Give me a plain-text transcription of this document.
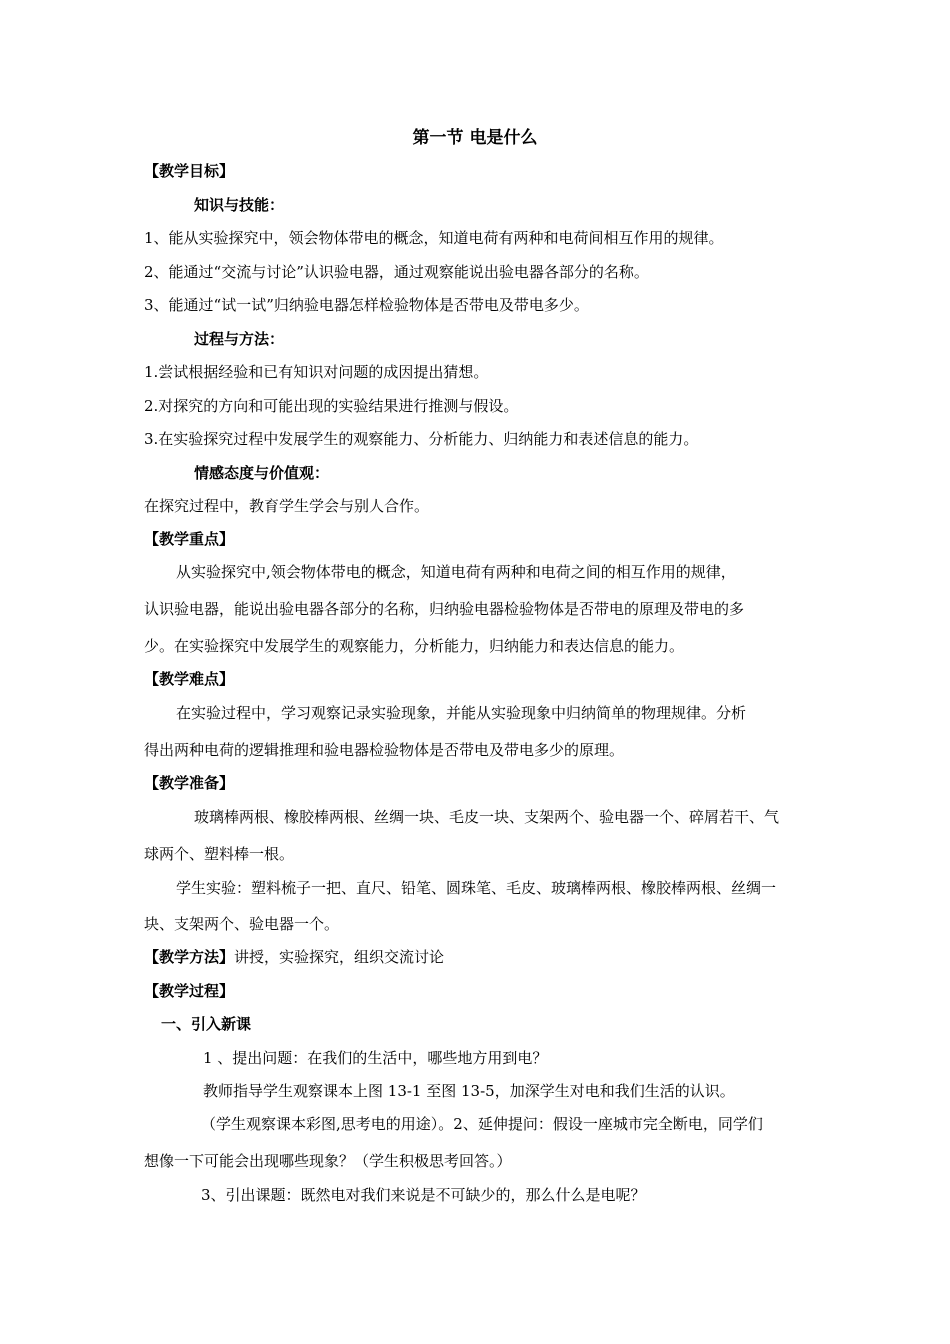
第一节 电是什么

【教学目标】

知识与技能：

1、能从实验探究中，领会物体带电的概念，知道电荷有两种和电荷间相互作用的规律。

2、能通过“交流与讨论”认识验电器，通过观察能说出验电器各部分的名称。

3、能通过“试一试”归纳验电器怎样检验物体是否带电及带电多少。

过程与方法：

1.尝试根据经验和已有知识对问题的成因提出猜想。

2.对探究的方向和可能出现的实验结果进行推测与假设。

3.在实验探究过程中发展学生的观察能力、分析能力、归纳能力和表述信息的能力。

情感态度与价值观：

在探究过程中，教育学生学会与别人合作。

【教学重点】

从实验探究中,领会物体带电的概念，知道电荷有两种和电荷之间的相互作用的规律，

认识验电器，能说出验电器各部分的名称，归纳验电器检验物体是否带电的原理及带电的多

少。在实验探究中发展学生的观察能力，分析能力，归纳能力和表达信息的能力。

【教学难点】

在实验过程中，学习观察记录实验现象，并能从实验现象中归纳简单的物理规律。分析

得出两种电荷的逻辑推理和验电器检验物体是否带电及带电多少的原理。

【教学准备】

玻璃棒两根、橡胶棒两根、丝绸一块、毛皮一块、支架两个、验电器一个、碎屑若干、气

球两个、塑料棒一根。

学生实验：塑料梳子一把、直尺、铅笔、圆珠笔、毛皮、玻璃棒两根、橡胶棒两根、丝绸一

块、支架两个、验电器一个。

【教学方法】讲授，实验探究，组织交流讨论

【教学过程】

一、引入新课

1 、提出问题：在我们的生活中，哪些地方用到电？

教师指导学生观察课本上图 13-1 至图 13-5，加深学生对电和我们生活的认识。

（学生观察课本彩图,思考电的用途）。2、延伸提问：假设一座城市完全断电，同学们

想像一下可能会出现哪些现象？（学生积极思考回答。）

3、引出课题：既然电对我们来说是不可缺少的，那么什么是电呢？
